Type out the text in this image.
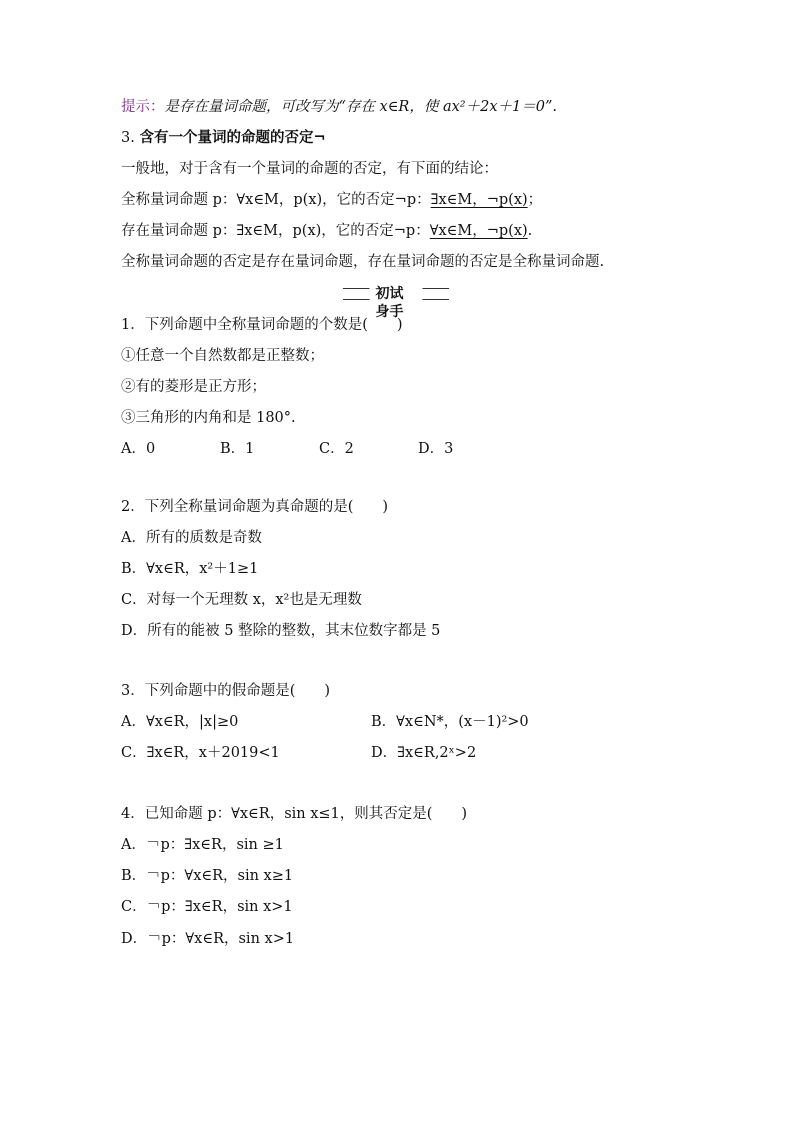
提示：是存在量词命题，可改写为“存在 x∈R，使 ax²＋2x＋1＝0”.
3. 含有一个量词的命题的否定¬
一般地，对于含有一个量词的命题的否定，有下面的结论：
全称量词命题 p：∀x∈M，p(x)，它的否定¬p：∃x∈M，¬p(x)；
存在量词命题 p：∃x∈M，p(x)，它的否定¬p：∀x∈M，¬p(x).
全称量词命题的否定是存在量词命题，存在量词命题的否定是全称量词命题.
初试身手
1．下列命题中全称量词命题的个数是(　　)
①任意一个自然数都是正整数；
②有的菱形是正方形；
③三角形的内角和是 180°.
A．0	B．1	C．2	D．3
2．下列全称量词命题为真命题的是(　　)
A．所有的质数是奇数
B．∀x∈R，x²＋1≥1
C．对每一个无理数 x，x²也是无理数
D．所有的能被 5 整除的整数，其末位数字都是 5
3．下列命题中的假命题是(　　)
A．∀x∈R，|x|≥0	B．∀x∈N*，(x－1)²>0
C．∃x∈R，x＋2019<1	D．∃x∈R,2ˣ>2
4．已知命题 p：∀x∈R，sin x≤1，则其否定是(　　)
A．￢p：∃x∈R，sin ≥1
B．￢p：∀x∈R，sin x≥1
C．￢p：∃x∈R，sin x>1
D．￢p：∀x∈R，sin x>1
